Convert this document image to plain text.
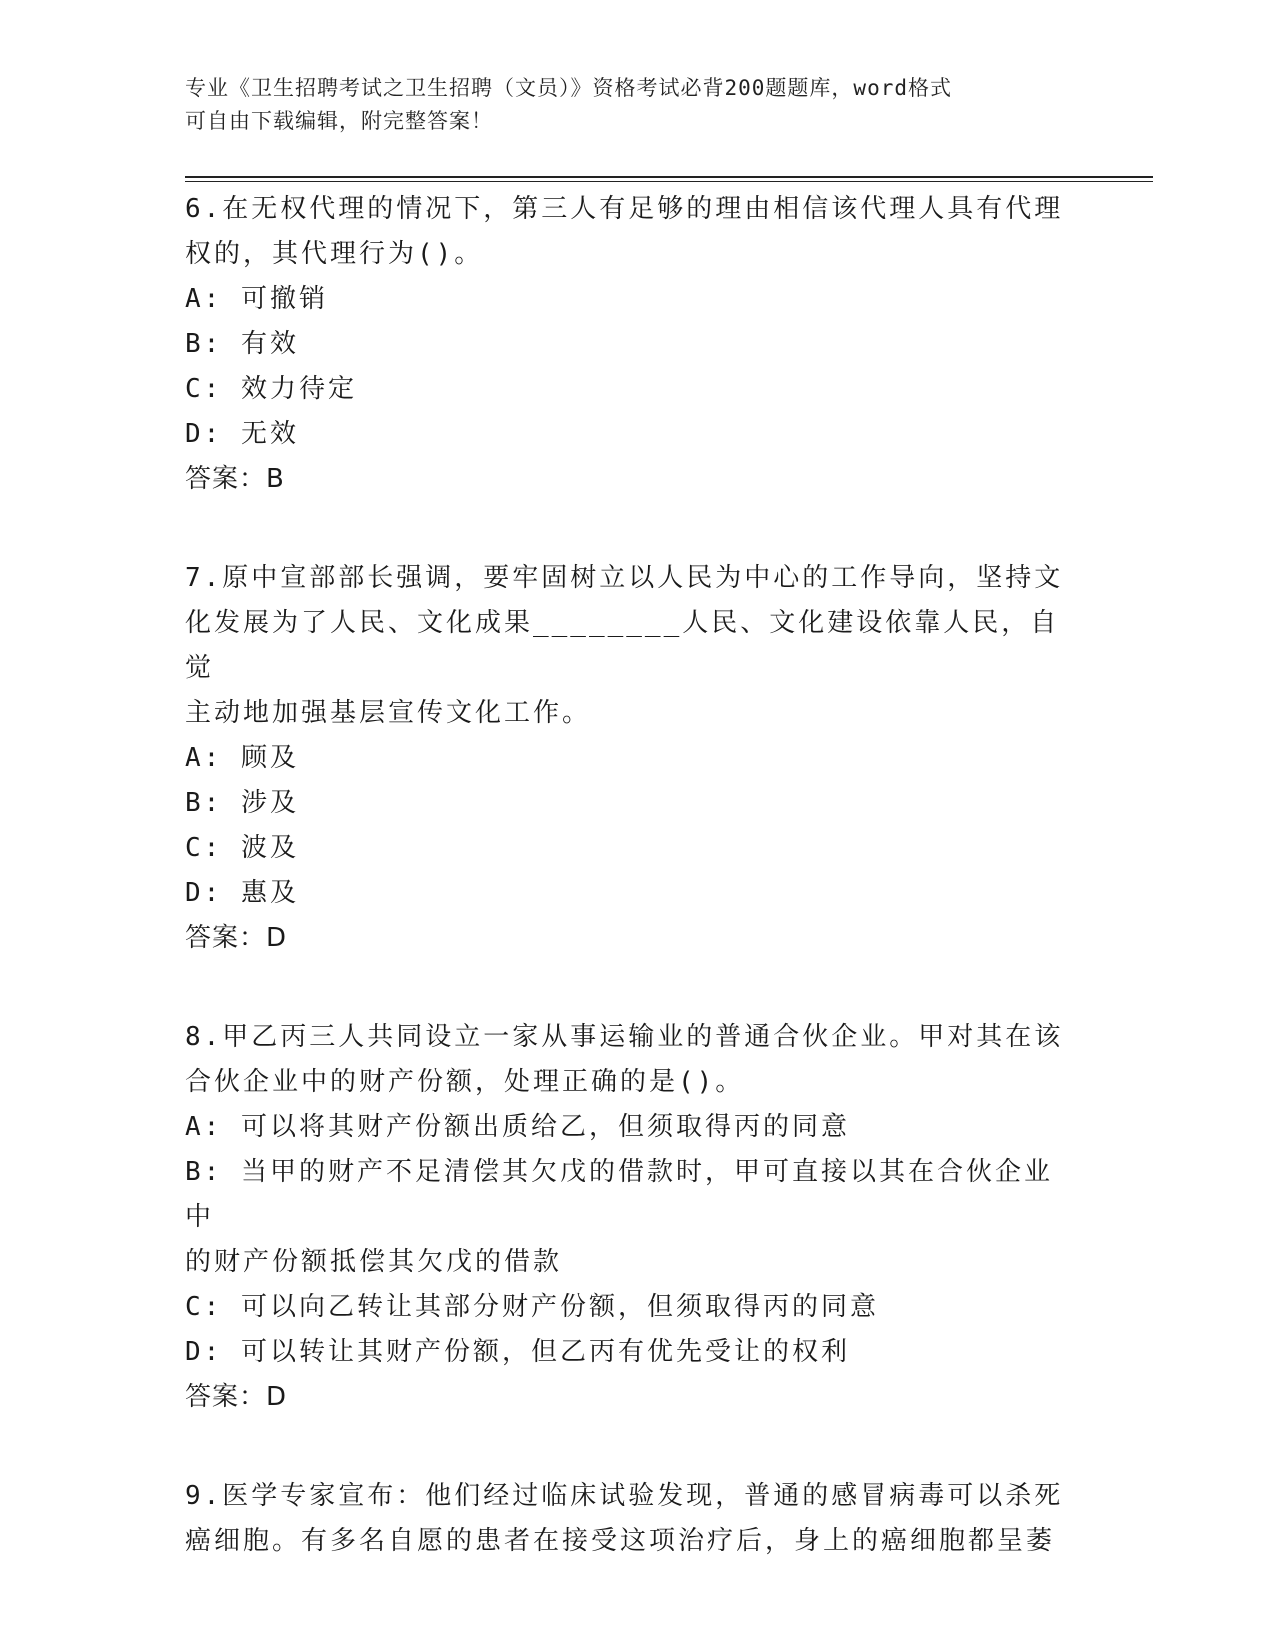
专业《卫生招聘考试之卫生招聘（文员）》资格考试必背200题题库，word格式
可自由下载编辑，附完整答案！
6.在无权代理的情况下，第三人有足够的理由相信该代理人具有代理
权的，其代理行为()。
A: 可撤销
B: 有效
C: 效力待定
D: 无效
答案：B
7.原中宣部部长强调，要牢固树立以人民为中心的工作导向，坚持文
化发展为了人民、文化成果________人民、文化建设依靠人民，自觉
主动地加强基层宣传文化工作。
A: 顾及
B: 涉及
C: 波及
D: 惠及
答案：D
8.甲乙丙三人共同设立一家从事运输业的普通合伙企业。甲对其在该
合伙企业中的财产份额，处理正确的是()。
A: 可以将其财产份额出质给乙，但须取得丙的同意
B: 当甲的财产不足清偿其欠戊的借款时，甲可直接以其在合伙企业中
的财产份额抵偿其欠戊的借款
C: 可以向乙转让其部分财产份额，但须取得丙的同意
D: 可以转让其财产份额，但乙丙有优先受让的权利
答案：D
9.医学专家宣布：他们经过临床试验发现，普通的感冒病毒可以杀死
癌细胞。有多名自愿的患者在接受这项治疗后，身上的癌细胞都呈萎
